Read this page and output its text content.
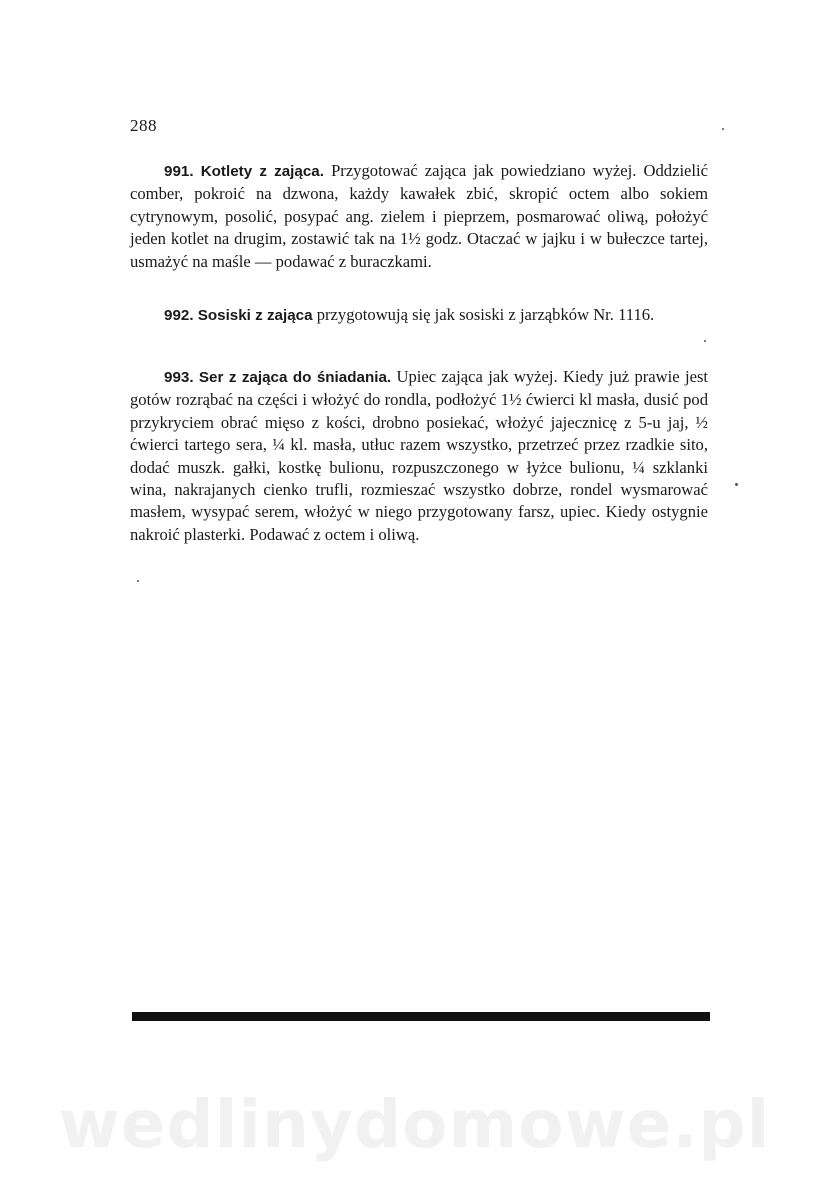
288

991. Kotlety z zająca. Przygotować zająca jak powiedziano wyżej. Oddzielić comber, pokroić na dzwona, każdy kawałek zbić, skropić octem albo sokiem cytrynowym, posolić, posypać ang. zielem i pieprzem, posmarować oliwą, położyć jeden kotlet na drugim, zostawić tak na 1½ godz. Otaczać w jajku i w bułeczce tartej, usmażyć na maśle — podawać z buraczkami.

992. Sosiski z zająca przygotowują się jak sosiski z jarząbków Nr. 1116.

993. Ser z zająca do śniadania. Upiec zająca jak wyżej. Kiedy już prawie jest gotów rozrąbać na części i włożyć do rondla, podłożyć 1½ ćwierci kl masła, dusić pod przykryciem obrać mięso z kości, drobno posiekać, włożyć jajecznicę z 5-u jaj, ½ ćwierci tartego sera, ¼ kl. masła, utłuc razem wszystko, przetrzeć przez rzadkie sito, dodać muszk. gałki, kostkę bulionu, rozpuszczonego w łyżce bulionu, ¼ szklanki wina, nakrajanych cienko trufli, rozmieszać wszystko dobrze, rondel wysmarować masłem, wysypać serem, włożyć w niego przygotowany farsz, upiec. Kiedy ostygnie nakroić plasterki. Podawać z octem i oliwą.

wedlinydomowe.pl
